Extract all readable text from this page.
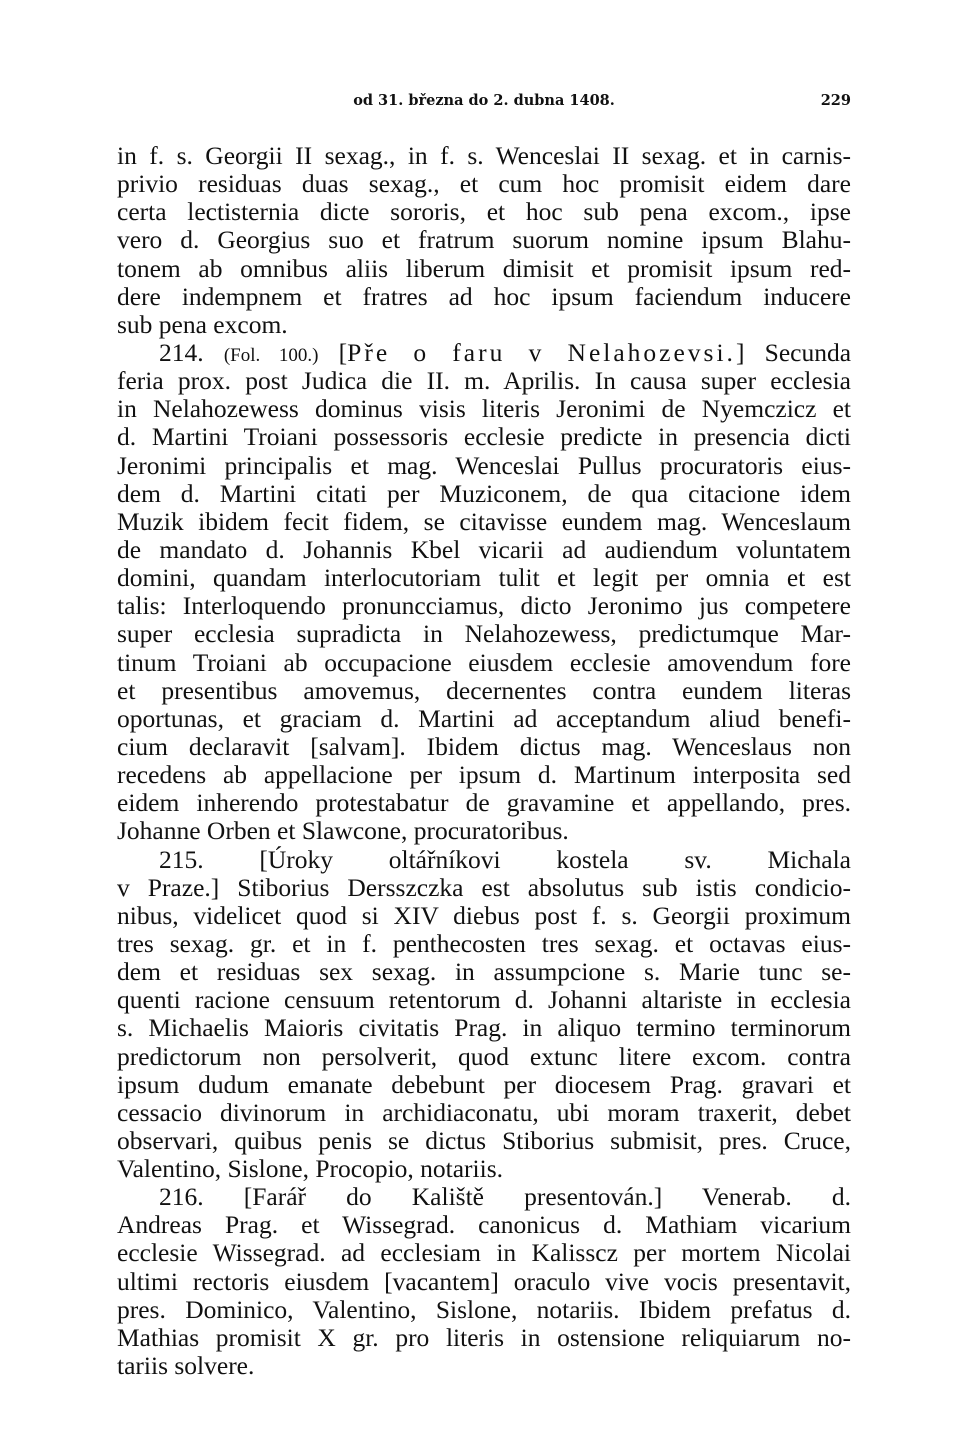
od 31. března do 2. dubna 1408.	229
in f. s. Georgii II sexag., in f. s. Wenceslai II sexag. et in carnis-
privio residuas duas sexag., et cum hoc promisit eidem dare
certa lectisternia dicte sororis, et hoc sub pena excom., ipse
vero d. Georgius suo et fratrum suorum nomine ipsum Blahu-
tonem ab omnibus aliis liberum dimisit et promisit ipsum red-
dere indempnem et fratres ad hoc ipsum faciendum inducere
sub pena excom.
214. (Fol. 100.) [Pře o faru v Nelahozevsi.] Secunda
feria prox. post Judica die II. m. Aprilis. In causa super ecclesia
in Nelahozewess dominus visis literis Jeronimi de Nyemczicz et
d. Martini Troiani possessoris ecclesie predicte in presencia dicti
Jeronimi principalis et mag. Wenceslai Pullus procuratoris eius-
dem d. Martini citati per Muziconem, de qua citacione idem
Muzik ibidem fecit fidem, se citavisse eundem mag. Wenceslaum
de mandato d. Johannis Kbel vicarii ad audiendum voluntatem
domini, quandam interlocutoriam tulit et legit per omnia et est
talis: Interloquendo pronuncciamus, dicto Jeronimo jus competere
super ecclesia supradicta in Nelahozewess, predictumque Mar-
tinum Troiani ab occupacione eiusdem ecclesie amovendum fore
et presentibus amovemus, decernentes contra eundem literas
oportunas, et graciam d. Martini ad acceptandum aliud benefi-
cium declaravit [salvam]. Ibidem dictus mag. Wenceslaus non
recedens ab appellacione per ipsum d. Martinum interposita sed
eidem inherendo protestabatur de gravamine et appellando, pres.
Johanne Orben et Slawcone, procuratoribus.
215. [Úroky oltářníkovi kostela sv. Michala
v Praze.] Stiborius Dersszczka est absolutus sub istis condicio-
nibus, videlicet quod si XIV diebus post f. s. Georgii proximum
tres sexag. gr. et in f. penthecosten tres sexag. et octavas eius-
dem et residuas sex sexag. in assumpcione s. Marie tunc se-
quenti racione censuum retentorum d. Johanni altariste in ecclesia
s. Michaelis Maioris civitatis Prag. in aliquo termino terminorum
predictorum non persolverit, quod extunc litere excom. contra
ipsum dudum emanate debebunt per diocesem Prag. gravari et
cessacio divinorum in archidiaconatu, ubi moram traxerit, debet
observari, quibus penis se dictus Stiborius submisit, pres. Cruce,
Valentino, Sislone, Procopio, notariis.
216. [Farář do Kaliště presentován.] Venerab. d.
Andreas Prag. et Wissegrad. canonicus d. Mathiam vicarium
ecclesie Wissegrad. ad ecclesiam in Kalisscz per mortem Nicolai
ultimi rectoris eiusdem [vacantem] oraculo vive vocis presentavit,
pres. Dominico, Valentino, Sislone, notariis. Ibidem prefatus d.
Mathias promisit X gr. pro literis in ostensione reliquiarum no-
tariis solvere.
